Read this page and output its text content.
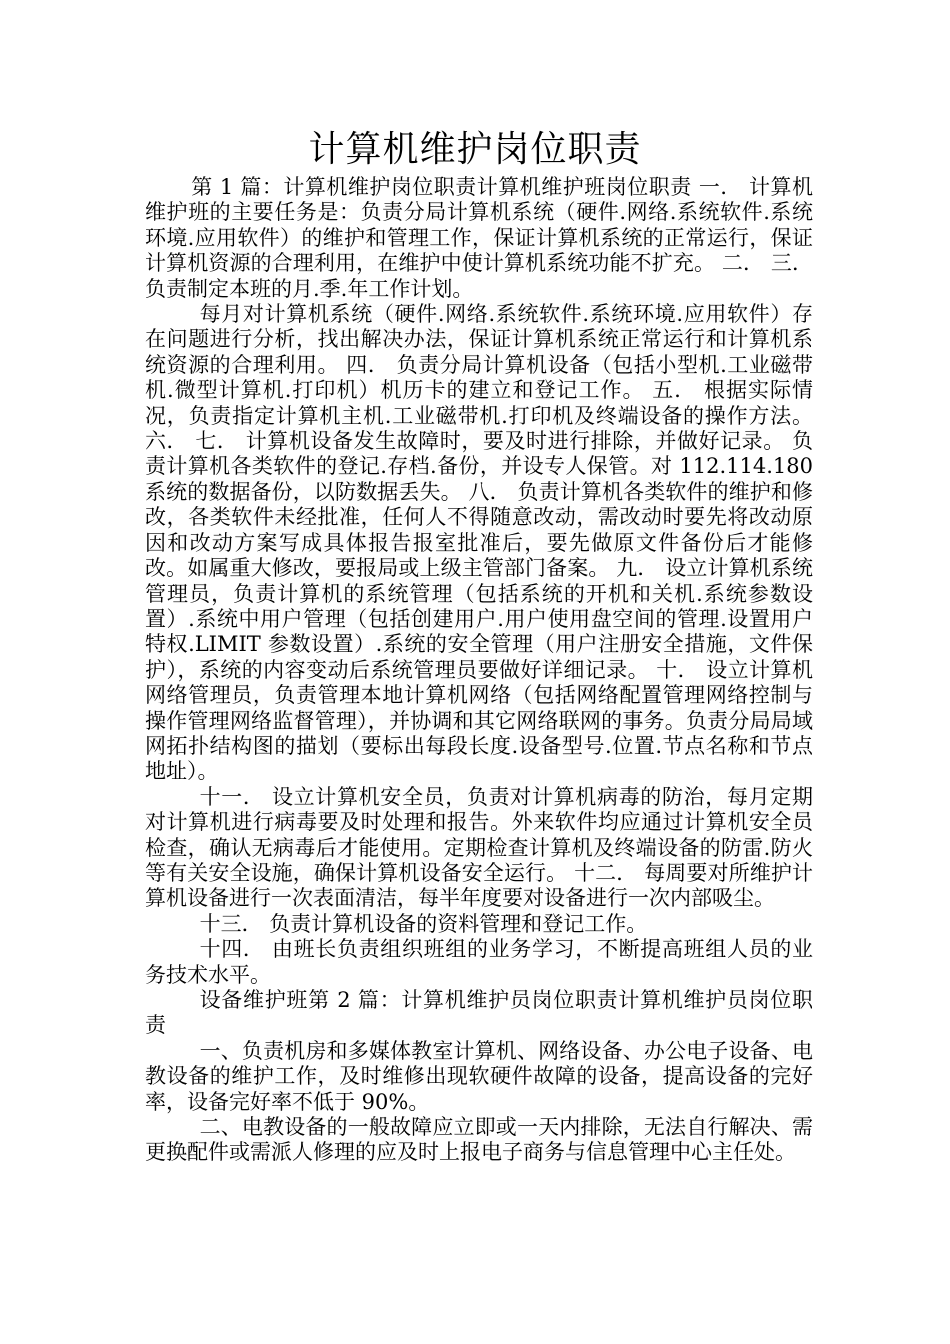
计算机维护岗位职责

第 1 篇：计算机维护岗位职责计算机维护班岗位职责 一． 计算机维护班的主要任务是：负责分局计算机系统（硬件.网络.系统软件.系统环境.应用软件）的维护和管理工作，保证计算机系统的正常运行，保证计算机资源的合理利用，在维护中使计算机系统功能不扩充。 二． 三． 负责制定本班的月.季.年工作计划。

每月对计算机系统（硬件.网络.系统软件.系统环境.应用软件）存在问题进行分析，找出解决办法，保证计算机系统正常运行和计算机系统资源的合理利用。 四． 负责分局计算机设备（包括小型机.工业磁带机.微型计算机.打印机）机历卡的建立和登记工作。 五． 根据实际情况，负责指定计算机主机.工业磁带机.打印机及终端设备的操作方法。 六． 七． 计算机设备发生故障时，要及时进行排除，并做好记录。 负责计算机各类软件的登记.存档.备份，并设专人保管。对 112.114.180 系统的数据备份，以防数据丢失。 八． 负责计算机各类软件的维护和修改，各类软件未经批准，任何人不得随意改动，需改动时要先将改动原因和改动方案写成具体报告报室批准后，要先做原文件备份后才能修改。如属重大修改，要报局或上级主管部门备案。 九． 设立计算机系统管理员，负责计算机的系统管理（包括系统的开机和关机.系统参数设置）.系统中用户管理（包括创建用户.用户使用盘空间的管理.设置用户特权.LIMIT 参数设置）.系统的安全管理（用户注册安全措施，文件保护），系统的内容变动后系统管理员要做好详细记录。 十． 设立计算机网络管理员，负责管理本地计算机网络（包括网络配置管理网络控制与操作管理网络监督管理），并协调和其它网络联网的事务。负责分局局域网拓扑结构图的描划（要标出每段长度.设备型号.位置.节点名称和节点地址）。

十一． 设立计算机安全员，负责对计算机病毒的防治，每月定期对计算机进行病毒要及时处理和报告。外来软件均应通过计算机安全员检查，确认无病毒后才能使用。定期检查计算机及终端设备的防雷.防火等有关安全设施，确保计算机设备安全运行。 十二． 每周要对所维护计算机设备进行一次表面清洁，每半年度要对设备进行一次内部吸尘。

十三． 负责计算机设备的资料管理和登记工作。

十四． 由班长负责组织班组的业务学习，不断提高班组人员的业务技术水平。

设备维护班第 2 篇：计算机维护员岗位职责计算机维护员岗位职责

一、负责机房和多媒体教室计算机、网络设备、办公电子设备、电教设备的维护工作，及时维修出现软硬件故障的设备，提高设备的完好率，设备完好率不低于 90%。

二、电教设备的一般故障应立即或一天内排除，无法自行解决、需更换配件或需派人修理的应及时上报电子商务与信息管理中心主任处。
